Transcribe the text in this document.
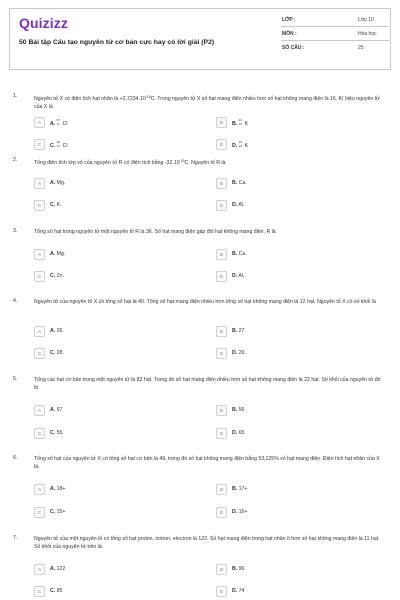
Quizizz
50 Bài tập Cấu tạo nguyên tử cơ bản cực hay có lời giải (P2)
LỚP :	Lớp 10
MÔN :	Hóa học
SỐ CÂU :	25
1.	Nguyên tử X có điện tích hạt nhân là $+2,7234.10^{-18}C$. Trong nguyên tử X số hạt mang điện nhiều hơn số hạt không mang điện là 16. Kí hiệu nguyên tử của X là
A	A.
37
17 Cl	B	B.
40
19 K
C	C.
35
17 Cl	D	D.
39
19 K
2.	Tổng điện tích lớp vỏ của nguyên tử R có điện tích bằng $-32.10^{-19}C$. Nguyên tố R là
A	A. Mg.	B	B. Ca.
C	C. K.	D	D. Al.
3.	Tổng số hạt trong nguyên tử một nguyên tố R là 36. Số hạt mang điện gấp đôi hạt không mang điện. R là
A	A. Mg.	B	B. Ca.
C	C. Zn.	D	D. Al.
4.	Nguyên tử của nguyên tố X có tổng số hạt là 40. Tổng số hạt mang điện nhiều hơn tổng số hạt không mang điện là 12 hạt. Nguyên tố X có số khối là
A	A. 26.	B	B. 27.
C	C. 28.	D	D. 29.
5.	Tổng các hạt cơ bản trong một nguyên tử là 82 hạt. Trong đó số hạt mang điện nhiều hơn số hạt không mang điện là 22 hạt. Số khối của nguyên tử đó là
A	A. 57	B	B. 56
C	C. 55	D	D. 65
6.	Tổng số hạt của nguyên tử X có tổng số hạt cơ bản là 49, trong đó số hạt không mang điện bằng 53,125% số hạt mang điện. Điện tích hạt nhân của X là:
A	A. 18+	B	B. 17+
C	C. 15+	D	D. 16+
7.	Nguyên tử của một nguyên tố có tổng số hạt proton, notron, electron là 122. Số hạt mang điện trong hạt nhân ít hơn số hạt không mang điện là 11 hạt. Số khối của nguyên tử trên là:
A	A. 122	B	B. 96
C	C. 85	D	D. 74
